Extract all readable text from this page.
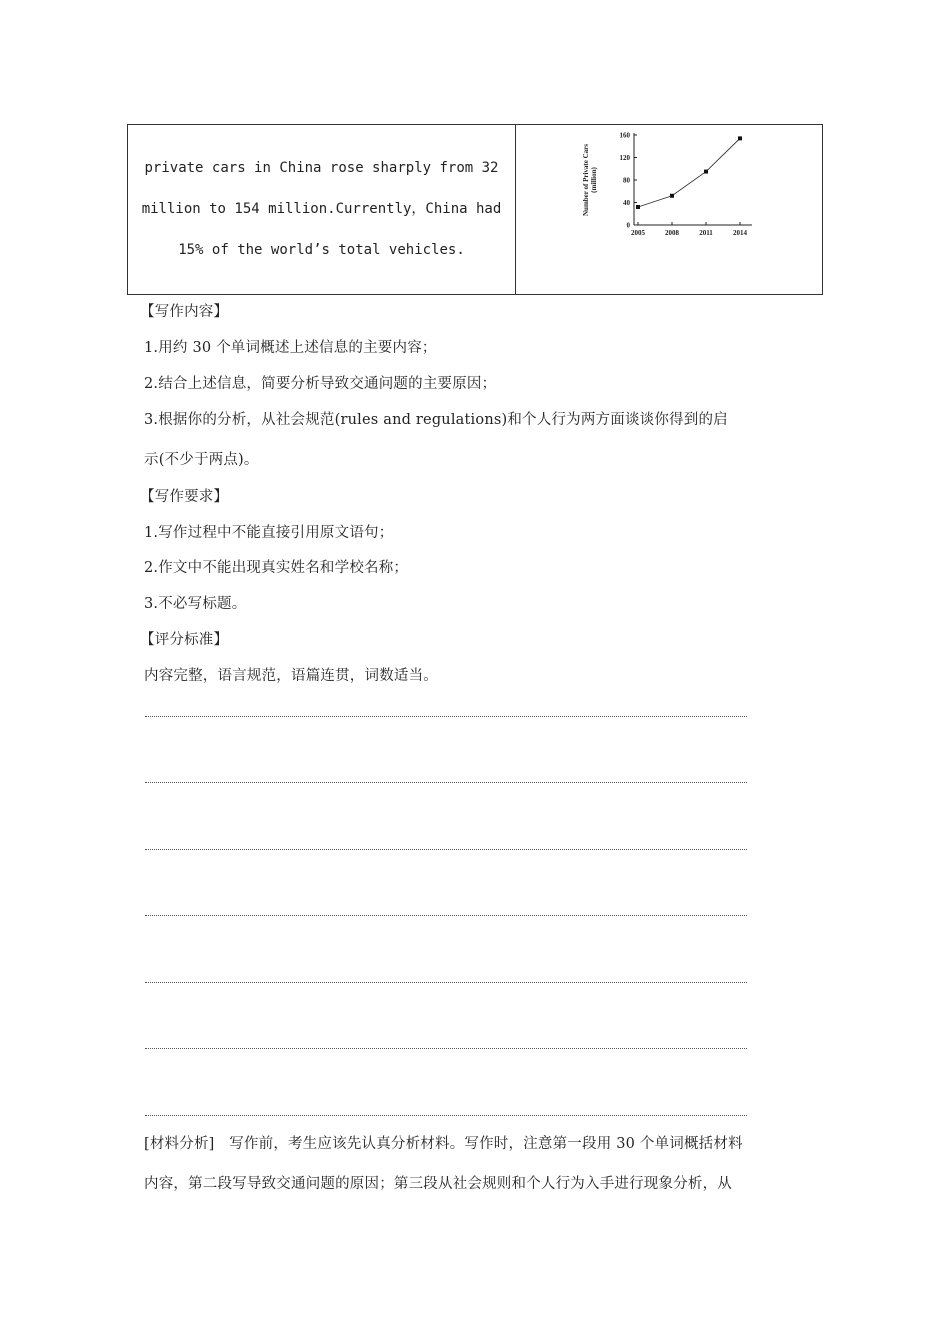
private cars in China rose sharply from 32
million to 154 million.Currently，China had
15% of the world’s total vehicles.
Number of Private Cars (million)
0
40
80
120
160
2005	2008	2011	2014
【写作内容】
1.用约 30 个单词概述上述信息的主要内容；
2.结合上述信息，简要分析导致交通问题的主要原因；
3.根据你的分析，从社会规范(rules and regulations)和个人行为两方面谈谈你得到的启
示(不少于两点)。
【写作要求】
1.写作过程中不能直接引用原文语句；
2.作文中不能出现真实姓名和学校名称；
3.不必写标题。
【评分标准】
内容完整，语言规范，语篇连贯，词数适当。
[材料分析]　写作前，考生应该先认真分析材料。写作时，注意第一段用 30 个单词概括材料
内容，第二段写导致交通问题的原因；第三段从社会规则和个人行为入手进行现象分析，从
